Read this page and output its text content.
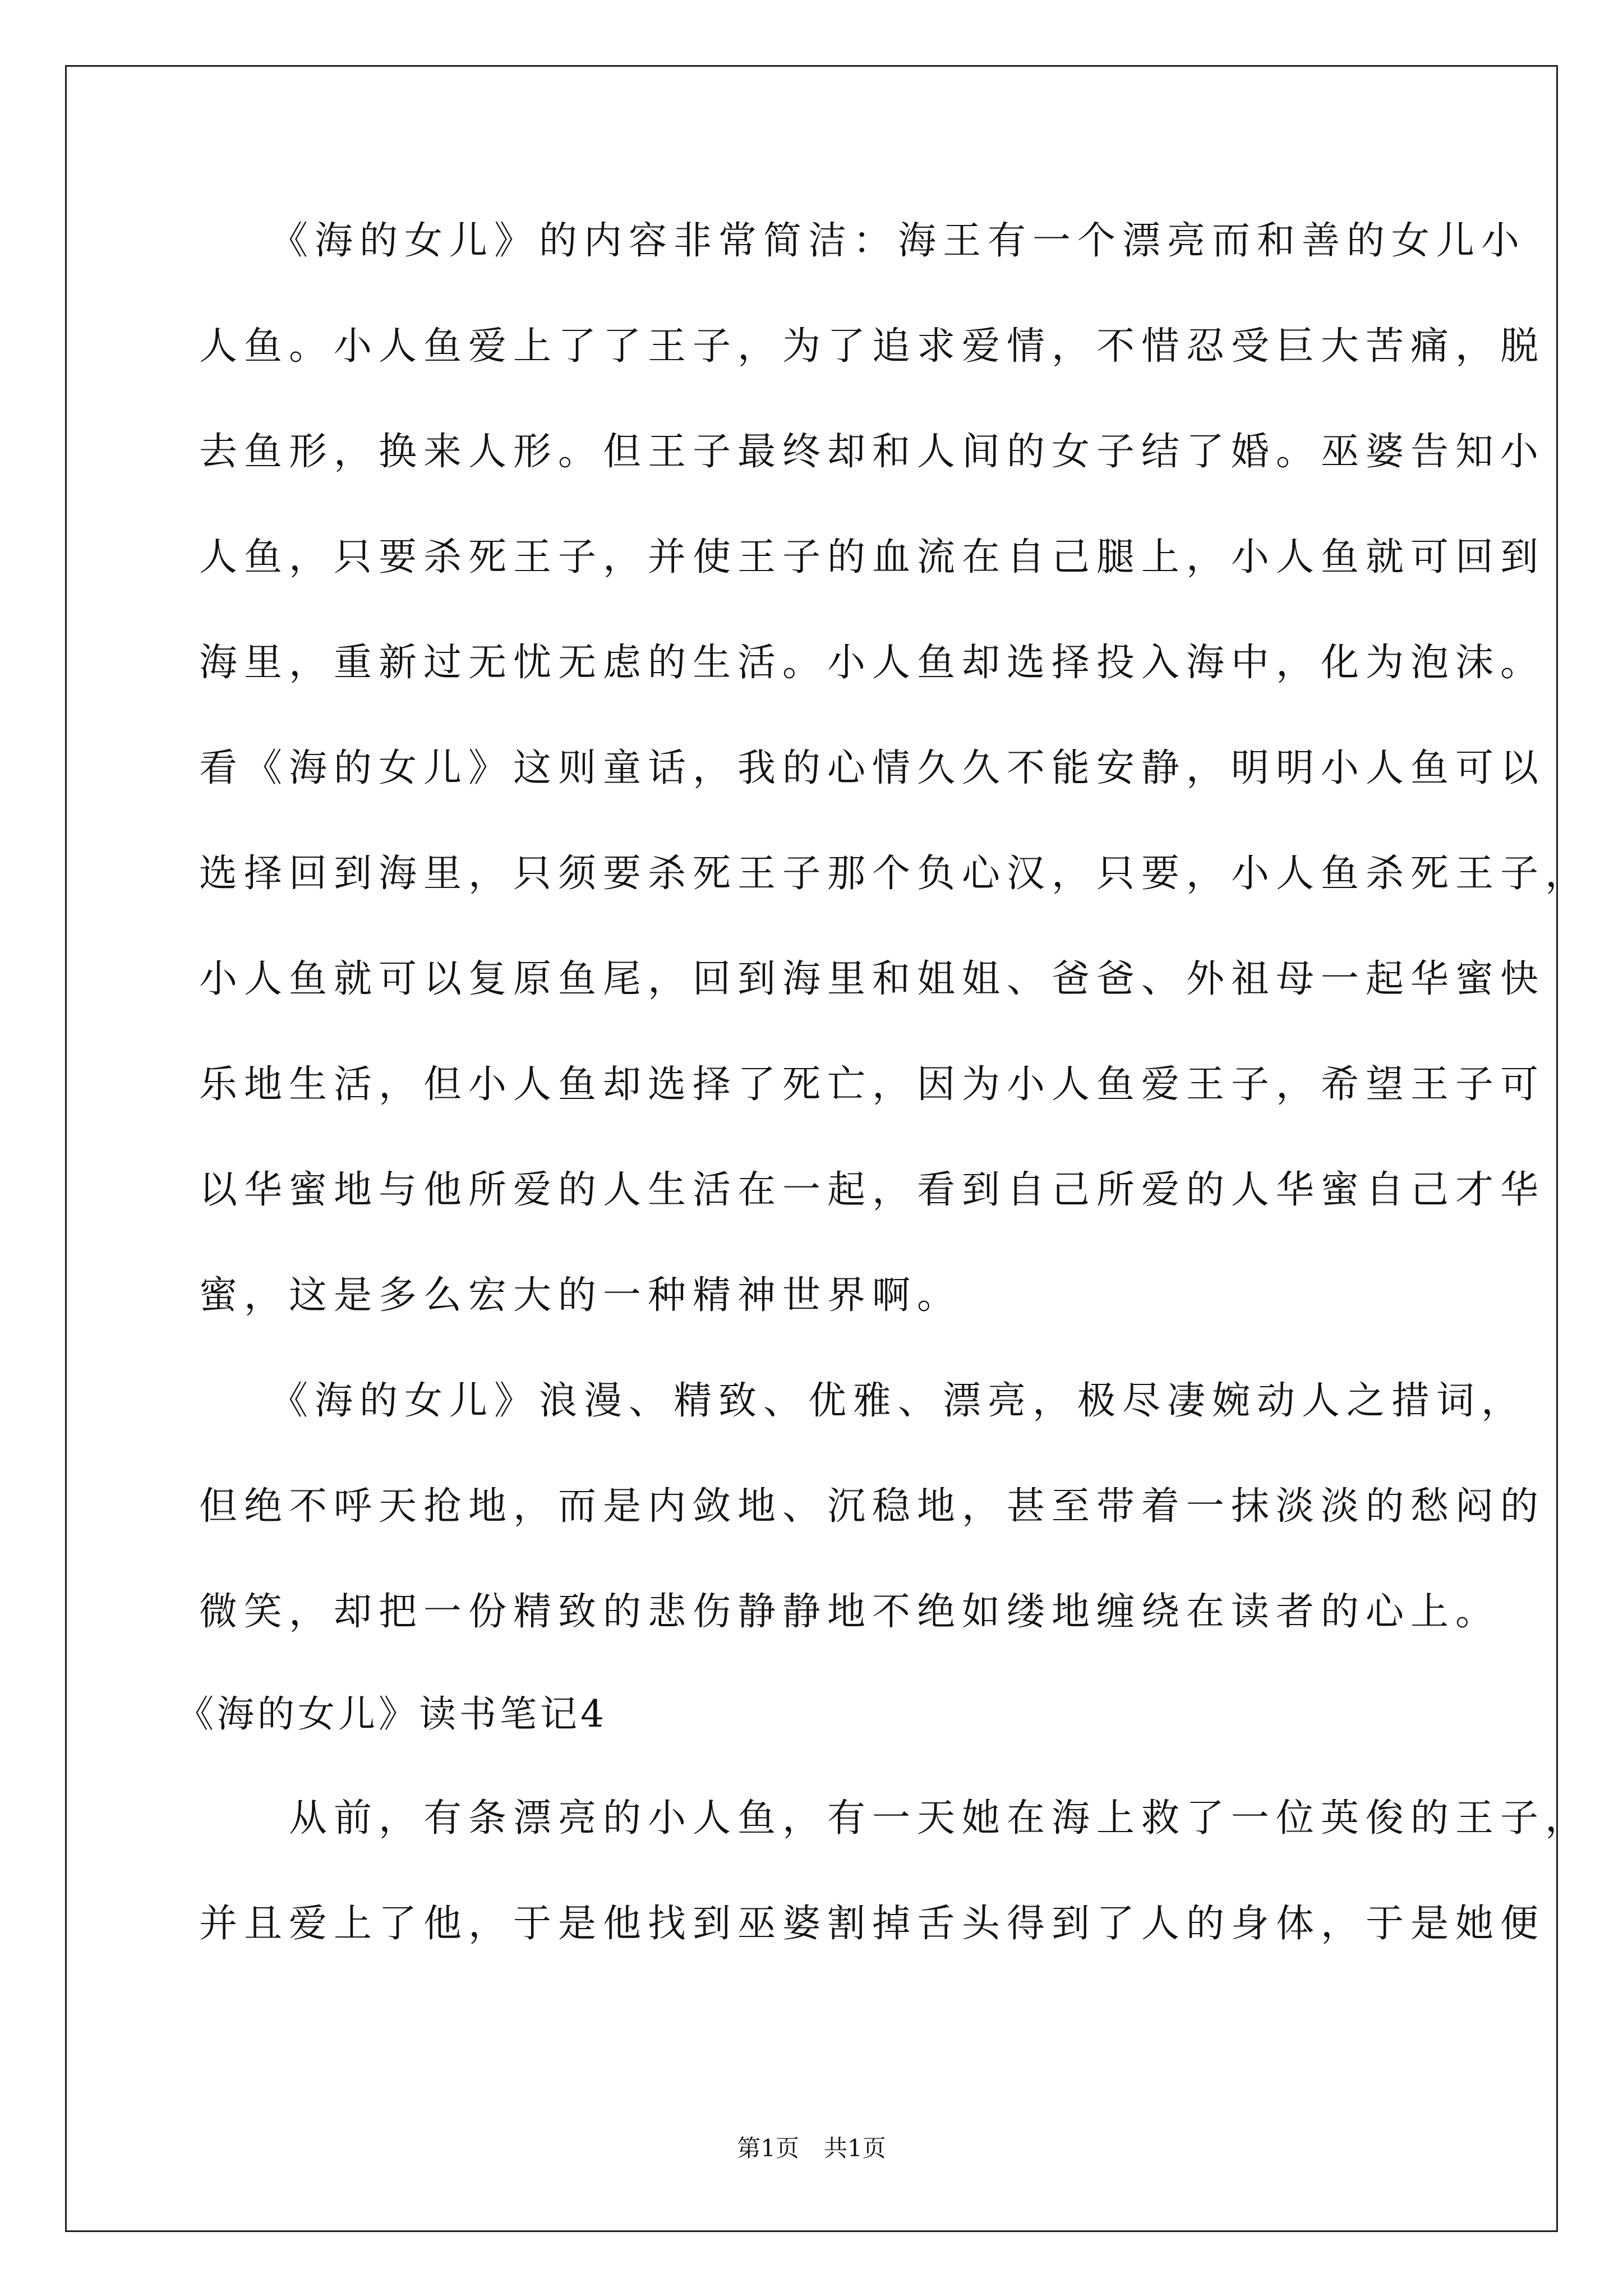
　　《海的女儿》的内容非常简洁：海王有一个漂亮而和善的女儿小
人鱼。小人鱼爱上了了王子，为了追求爱情，不惜忍受巨大苦痛，脱
去鱼形，换来人形。但王子最终却和人间的女子结了婚。巫婆告知小
人鱼，只要杀死王子，并使王子的血流在自己腿上，小人鱼就可回到
海里，重新过无忧无虑的生活。小人鱼却选择投入海中，化为泡沫。
看《海的女儿》这则童话，我的心情久久不能安静，明明小人鱼可以
选择回到海里，只须要杀死王子那个负心汉，只要，小人鱼杀死王子，
小人鱼就可以复原鱼尾，回到海里和姐姐、爸爸、外祖母一起华蜜快
乐地生活，但小人鱼却选择了死亡，因为小人鱼爱王子，希望王子可
以华蜜地与他所爱的人生活在一起，看到自己所爱的人华蜜自己才华
蜜，这是多么宏大的一种精神世界啊。
　　《海的女儿》浪漫、精致、优雅、漂亮，极尽凄婉动人之措词，
但绝不呼天抢地，而是内敛地、沉稳地，甚至带着一抹淡淡的愁闷的
微笑，却把一份精致的悲伤静静地不绝如缕地缠绕在读者的心上。
《海的女儿》读书笔记4
　　从前，有条漂亮的小人鱼，有一天她在海上救了一位英俊的王子，
并且爱上了他，于是他找到巫婆割掉舌头得到了人的身体，于是她便
第1页 共1页
